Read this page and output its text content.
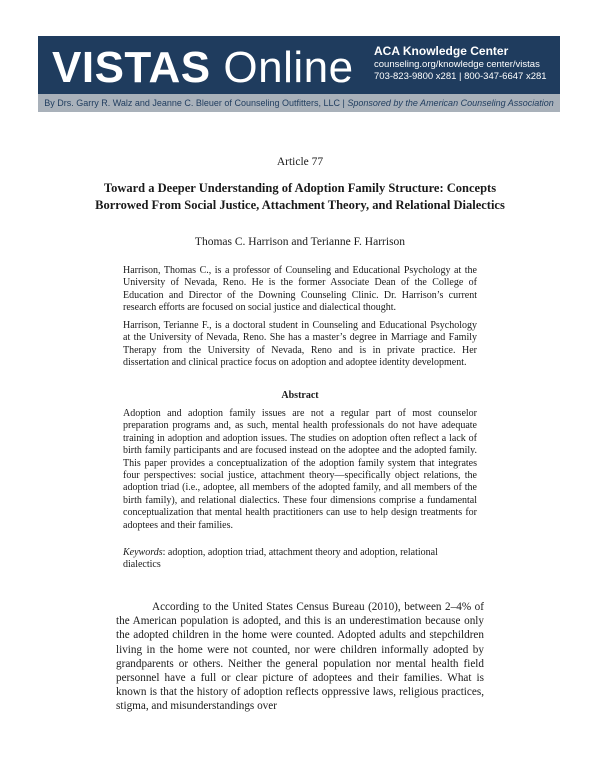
VISTAS Online ACA Knowledge Center
counseling.org/knowledge center/vistas
703-823-9800 x281 | 800-347-6647 x281
By Drs. Garry R. Walz and Jeanne C. Bleuer of Counseling Outfitters, LLC | Sponsored by the American Counseling Association
Article 77
Toward a Deeper Understanding of Adoption Family Structure: Concepts Borrowed From Social Justice, Attachment Theory, and Relational Dialectics
Thomas C. Harrison and Terianne F. Harrison

Harrison, Thomas C., is a professor of Counseling and Educational Psychology at the University of Nevada, Reno. He is the former Associate Dean of the College of Education and Director of the Downing Counseling Clinic. Dr. Harrison’s current research efforts are focused on social justice and dialectical thought.

Harrison, Terianne F., is a doctoral student in Counseling and Educational Psychology at the University of Nevada, Reno. She has a master’s degree in Marriage and Family Therapy from the University of Nevada, Reno and is in private practice. Her dissertation and clinical practice focus on adoption and adoptee identity development.

Abstract

Adoption and adoption family issues are not a regular part of most counselor preparation programs and, as such, mental health professionals do not have adequate training in adoption and adoption issues. The studies on adoption often reflect a lack of birth family participants and are focused instead on the adoptee and the adopted family. This paper provides a conceptualization of the adoption family system that integrates four perspectives: social justice, attachment theory—specifically object relations, the adoption triad (i.e., adoptee, all members of the adopted family, and all members of the birth family), and relational dialectics. These four dimensions comprise a fundamental conceptualization that mental health practitioners can use to help design treatments for adoptees and their families.

Keywords: adoption, adoption triad, attachment theory and adoption, relational dialectics

According to the United States Census Bureau (2010), between 2–4% of the American population is adopted, and this is an underestimation because only the adopted children in the home were counted. Adopted adults and stepchildren living in the home were not counted, nor were children informally adopted by grandparents or others. Neither the general population nor mental health field personnel have a full or clear picture of adoptees and their families. What is known is that the history of adoption reflects oppressive laws, religious practices, stigma, and misunderstandings over
